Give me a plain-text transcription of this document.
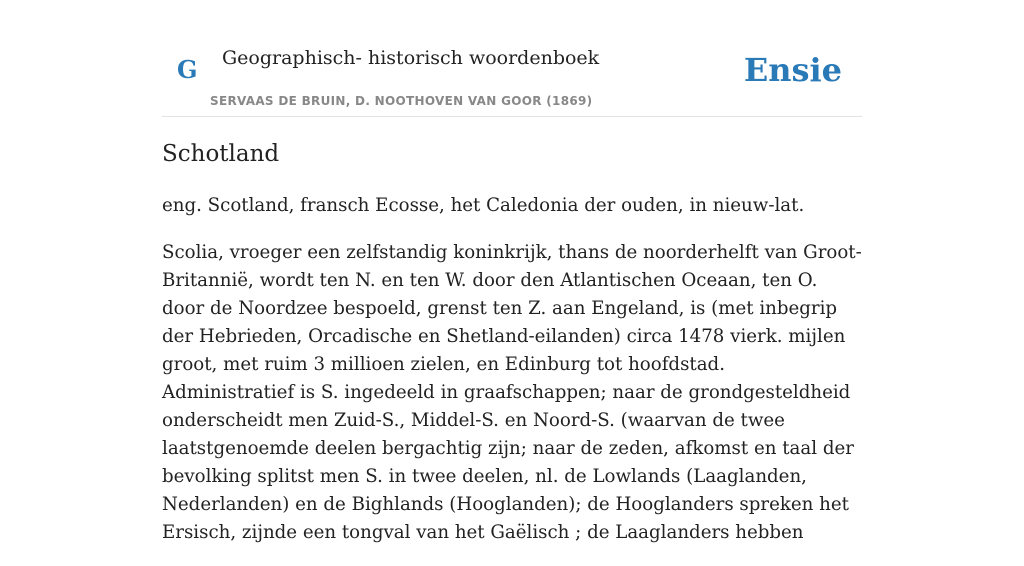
G Geographisch- historisch woordenboek
SERVAAS DE BRUIN, D. NOOTHOVEN VAN GOOR (1869)
Ensie
Schotland

eng. Scotland, fransch Ecosse, het Caledonia der ouden, in nieuw-lat.

Scolia, vroeger een zelfstandig koninkrijk, thans de noorderhelft van Groot-Britannië, wordt ten N. en ten W. door den Atlantischen Oceaan, ten O. door de Noordzee bespoeld, grenst ten Z. aan Engeland, is (met inbegrip der Hebrieden, Orcadische en Shetland-eilanden) circa 1478 vierk. mijlen groot, met ruim 3 millioen zielen, en Edinburg tot hoofdstad. Administratief is S. ingedeeld in graafschappen; naar de grondgesteldheid onderscheidt men Zuid-S., Middel-S. en Noord-S. (waarvan de twee laatstgenoemde deelen bergachtig zijn; naar de zeden, afkomst en taal der bevolking splitst men S. in twee deelen, nl. de Lowlands (Laaglanden, Nederlanden) en de Bighlands (Hooglanden); de Hooglanders spreken het Ersisch, zijnde een tongval van het Gaëlisch ; de Laaglanders hebben
